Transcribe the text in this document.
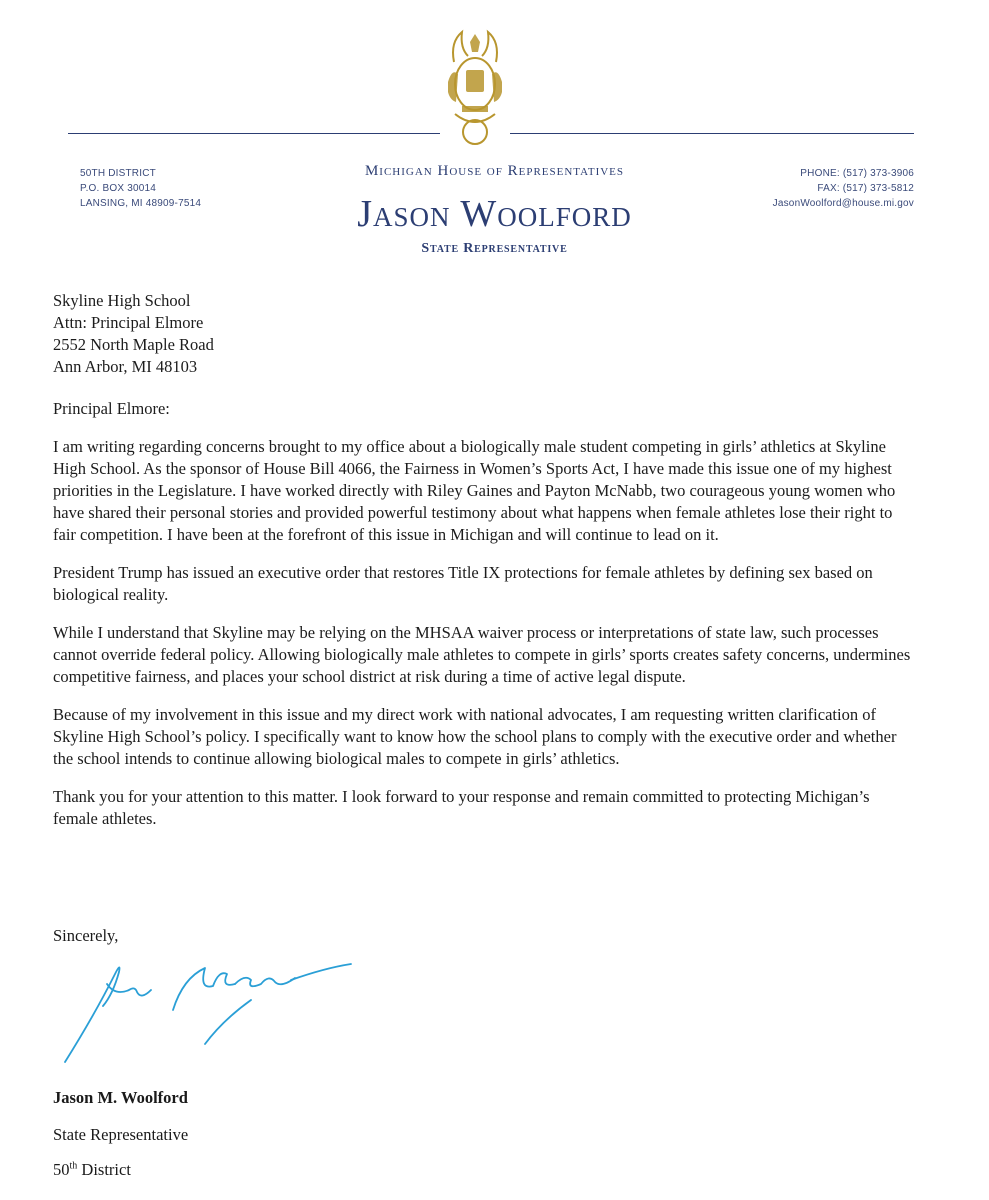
50TH DISTRICT
P.O. BOX 30014
LANSING, MI 48909-7514
Michigan House of Representatives
Jason Woolford
State Representative
PHONE: (517) 373-3906
FAX: (517) 373-5812
JasonWoolford@house.mi.gov
Skyline High School
Attn: Principal Elmore
2552 North Maple Road
Ann Arbor, MI 48103
Principal Elmore:
I am writing regarding concerns brought to my office about a biologically male student competing in girls’ athletics at Skyline High School. As the sponsor of House Bill 4066, the Fairness in Women’s Sports Act, I have made this issue one of my highest priorities in the Legislature. I have worked directly with Riley Gaines and Payton McNabb, two courageous young women who have shared their personal stories and provided powerful testimony about what happens when female athletes lose their right to fair competition. I have been at the forefront of this issue in Michigan and will continue to lead on it.
President Trump has issued an executive order that restores Title IX protections for female athletes by defining sex based on biological reality.
While I understand that Skyline may be relying on the MHSAA waiver process or interpretations of state law, such processes cannot override federal policy. Allowing biologically male athletes to compete in girls’ sports creates safety concerns, undermines competitive fairness, and places your school district at risk during a time of active legal dispute.
Because of my involvement in this issue and my direct work with national advocates, I am requesting written clarification of Skyline High School’s policy. I specifically want to know how the school plans to comply with the executive order and whether the school intends to continue allowing biological males to compete in girls’ athletics.
Thank you for your attention to this matter. I look forward to your response and remain committed to protecting Michigan’s female athletes.
Sincerely,
Jason M. Woolford
State Representative
50th District
